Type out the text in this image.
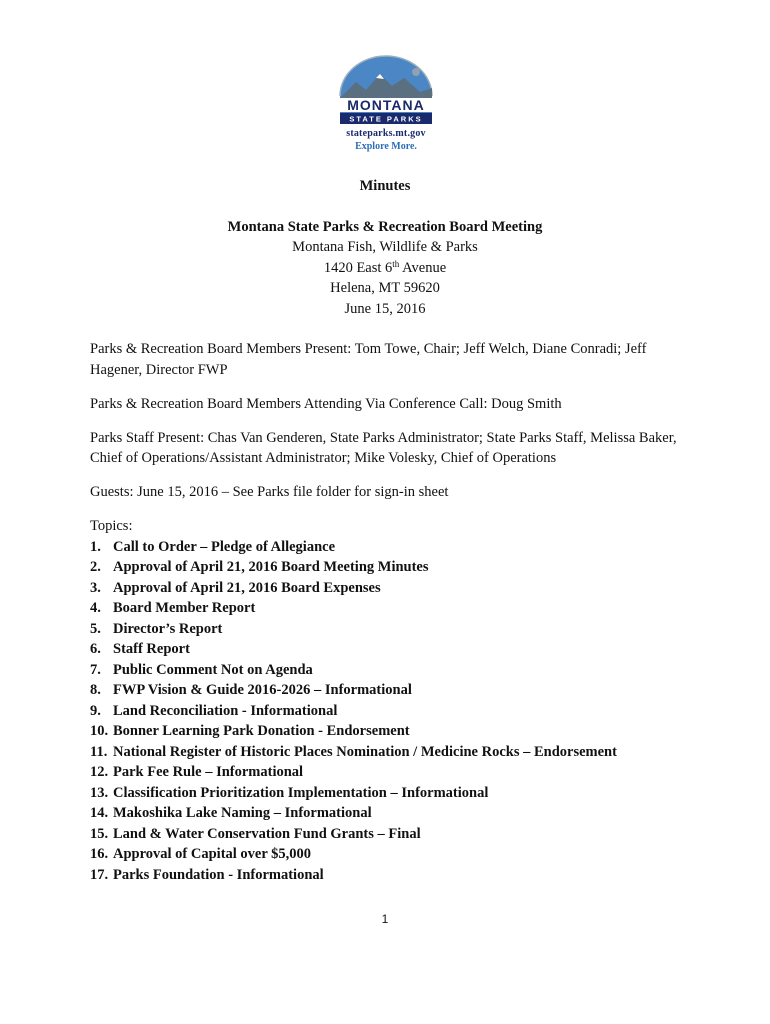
MONTANA
STATE PARKS
stateparks.mt.gov
Explore More.
Minutes
Montana State Parks & Recreation Board Meeting
Montana Fish, Wildlife & Parks
1420 East 6th Avenue
Helena, MT 59620
June 15, 2016

Parks & Recreation Board Members Present: Tom Towe, Chair; Jeff Welch, Diane Conradi; Jeff Hagener, Director FWP

Parks & Recreation Board Members Attending Via Conference Call: Doug Smith

Parks Staff Present: Chas Van Genderen, State Parks Administrator; State Parks Staff, Melissa Baker, Chief of Operations/Assistant Administrator; Mike Volesky, Chief of Operations

Guests: June 15, 2016 – See Parks file folder for sign-in sheet

Topics:

1. Call to Order – Pledge of Allegiance
2. Approval of April 21, 2016 Board Meeting Minutes
3. Approval of April 21, 2016 Board Expenses
4. Board Member Report
5. Director’s Report
6. Staff Report
7. Public Comment Not on Agenda
8. FWP Vision & Guide 2016-2026 – Informational
9. Land Reconciliation - Informational
10. Bonner Learning Park Donation - Endorsement
11. National Register of Historic Places Nomination / Medicine Rocks – Endorsement
12. Park Fee Rule – Informational
13. Classification Prioritization Implementation – Informational
14. Makoshika Lake Naming – Informational
15. Land & Water Conservation Fund Grants – Final
16. Approval of Capital over $5,000
17. Parks Foundation - Informational
1
